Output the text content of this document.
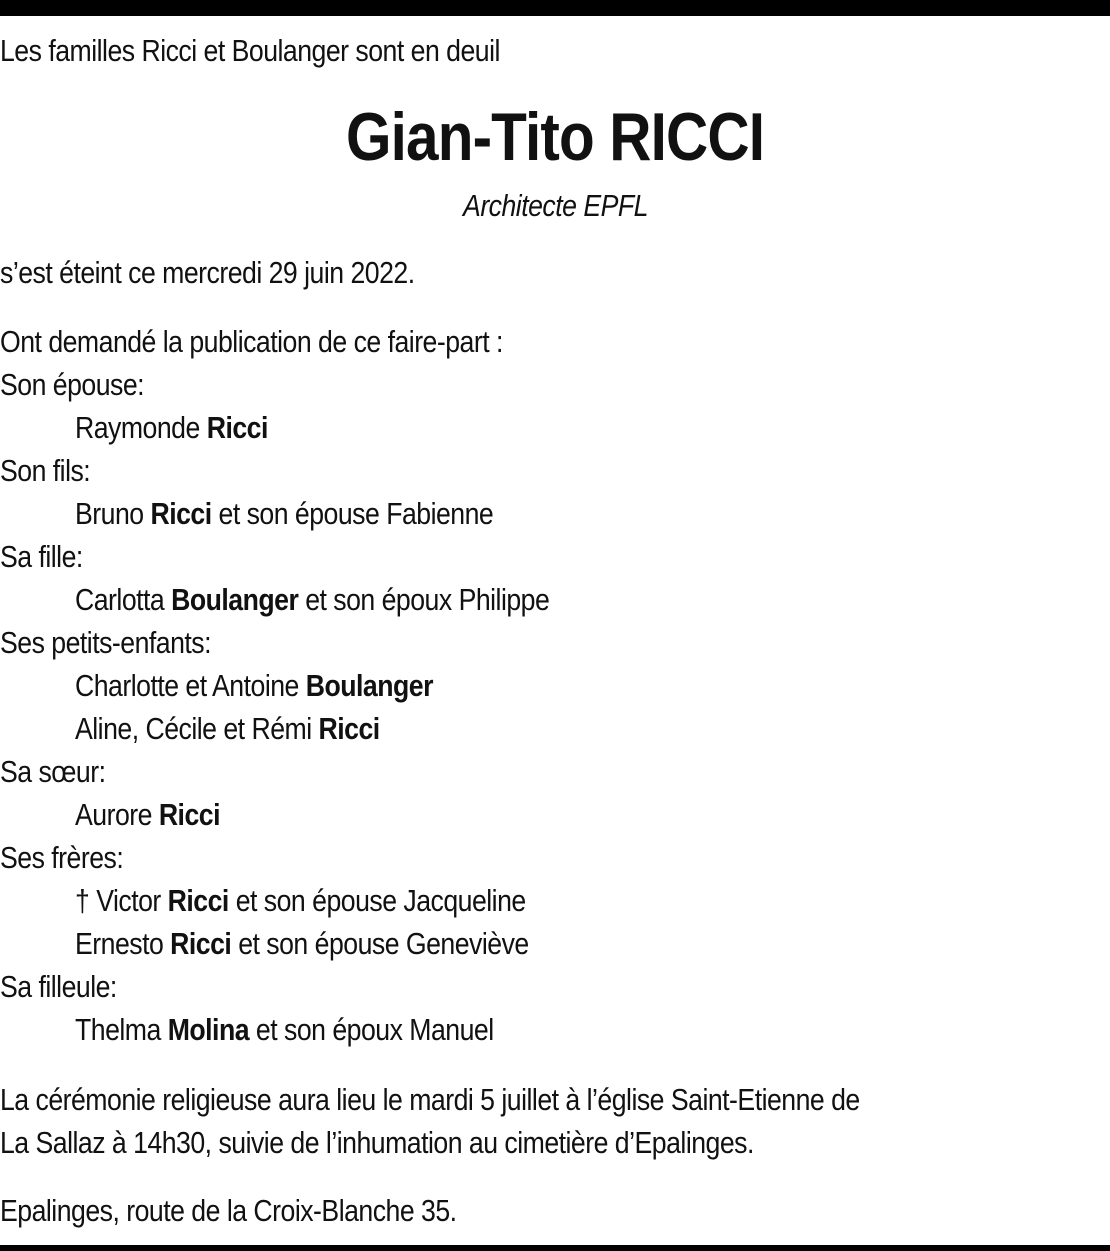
Les familles Ricci et Boulanger sont en deuil
Gian-Tito RICCI
Architecte EPFL
s’est éteint ce mercredi 29 juin 2022.
Ont demandé la publication de ce faire-part :
Son épouse:
Raymonde Ricci
Son fils:
Bruno Ricci et son épouse Fabienne
Sa fille:
Carlotta Boulanger et son époux Philippe
Ses petits-enfants:
Charlotte et Antoine Boulanger
Aline, Cécile et Rémi Ricci
Sa sœur:
Aurore Ricci
Ses frères:
† Victor Ricci et son épouse Jacqueline
Ernesto Ricci et son épouse Geneviève
Sa filleule:
Thelma Molina et son époux Manuel
La cérémonie religieuse aura lieu le mardi 5 juillet à l’église Saint-Etienne de
La Sallaz à 14h30, suivie de l’inhumation au cimetière d’Epalinges.
Epalinges, route de la Croix-Blanche 35.
